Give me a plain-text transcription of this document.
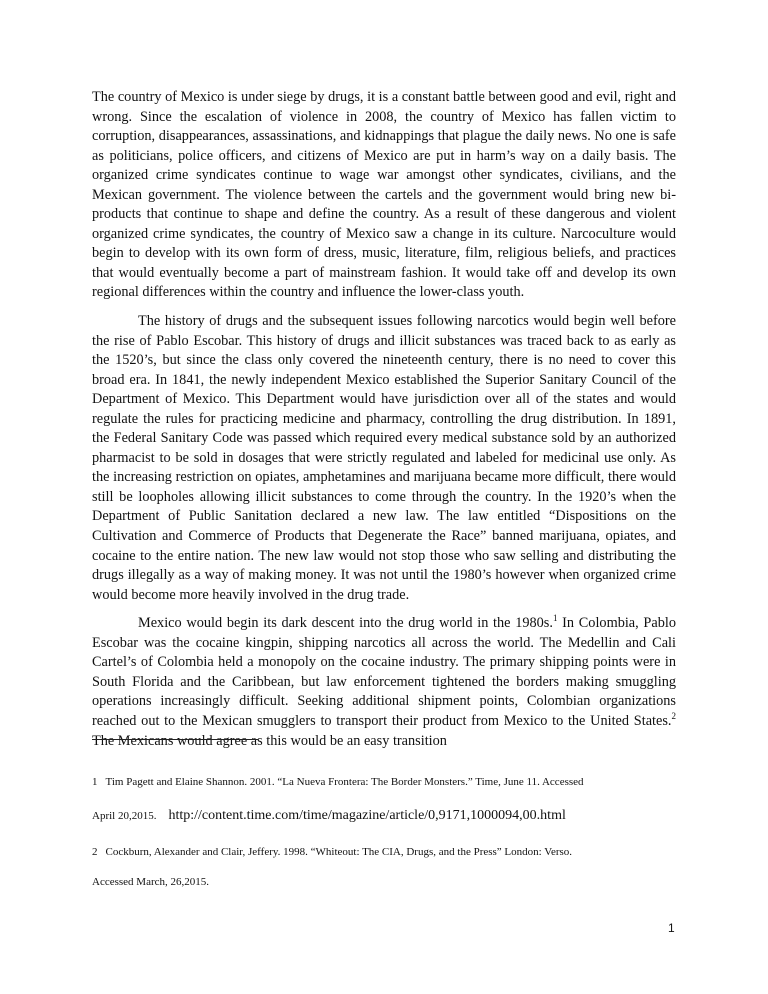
The country of Mexico is under siege by drugs, it is a constant battle between good and evil, right and wrong. Since the escalation of violence in 2008, the country of Mexico has fallen victim to corruption, disappearances, assassinations, and kidnappings that plague the daily news. No one is safe as politicians, police officers, and citizens of Mexico are put in harm’s way on a daily basis. The organized crime syndicates continue to wage war amongst other syndicates, civilians, and the Mexican government. The violence between the cartels and the government would bring new bi-products that continue to shape and define the country. As a result of these dangerous and violent organized crime syndicates, the country of Mexico saw a change in its culture. Narcoculture would begin to develop with its own form of dress, music, literature, film, religious beliefs, and practices that would eventually become a part of mainstream fashion. It would take off and develop its own regional differences within the country and influence the lower-class youth.

The history of drugs and the subsequent issues following narcotics would begin well before the rise of Pablo Escobar. This history of drugs and illicit substances was traced back to as early as the 1520’s, but since the class only covered the nineteenth century, there is no need to cover this broad era. In 1841, the newly independent Mexico established the Superior Sanitary Council of the Department of Mexico. This Department would have jurisdiction over all of the states and would regulate the rules for practicing medicine and pharmacy, controlling the drug distribution. In 1891, the Federal Sanitary Code was passed which required every medical substance sold by an authorized pharmacist to be sold in dosages that were strictly regulated and labeled for medicinal use only. As the increasing restriction on opiates, amphetamines and marijuana became more difficult, there would still be loopholes allowing illicit substances to come through the country. In the 1920’s when the Department of Public Sanitation declared a new law. The law entitled “Dispositions on the Cultivation and Commerce of Products that Degenerate the Race” banned marijuana, opiates, and cocaine to the entire nation. The new law would not stop those who saw selling and distributing the drugs illegally as a way of making money. It was not until the 1980’s however when organized crime would become more heavily involved in the drug trade.

Mexico would begin its dark descent into the drug world in the 1980s.$^1$ In Colombia, Pablo Escobar was the cocaine kingpin, shipping narcotics all across the world. The Medellin and Cali Cartel’s of Colombia held a monopoly on the cocaine industry. The primary shipping points were in South Florida and the Caribbean, but law enforcement tightened the borders making smuggling operations increasingly difficult. Seeking additional shipment points, Colombian organizations reached out to the Mexican smugglers to transport their product from Mexico to the United States.$^2$ The Mexicans would agree as this would be an easy transition

1 Tim Pagett and Elaine Shannon. 2001. “La Nueva Frontera: The Border Monsters.” Time, June 11. Accessed
April 20,2015. http://content.time.com/time/magazine/article/0,9171,1000094,00.html
2 Cockburn, Alexander and Clair, Jeffery. 1998. “Whiteout: The CIA, Drugs, and the Press” London: Verso.
Accessed March, 26,2015.
1
